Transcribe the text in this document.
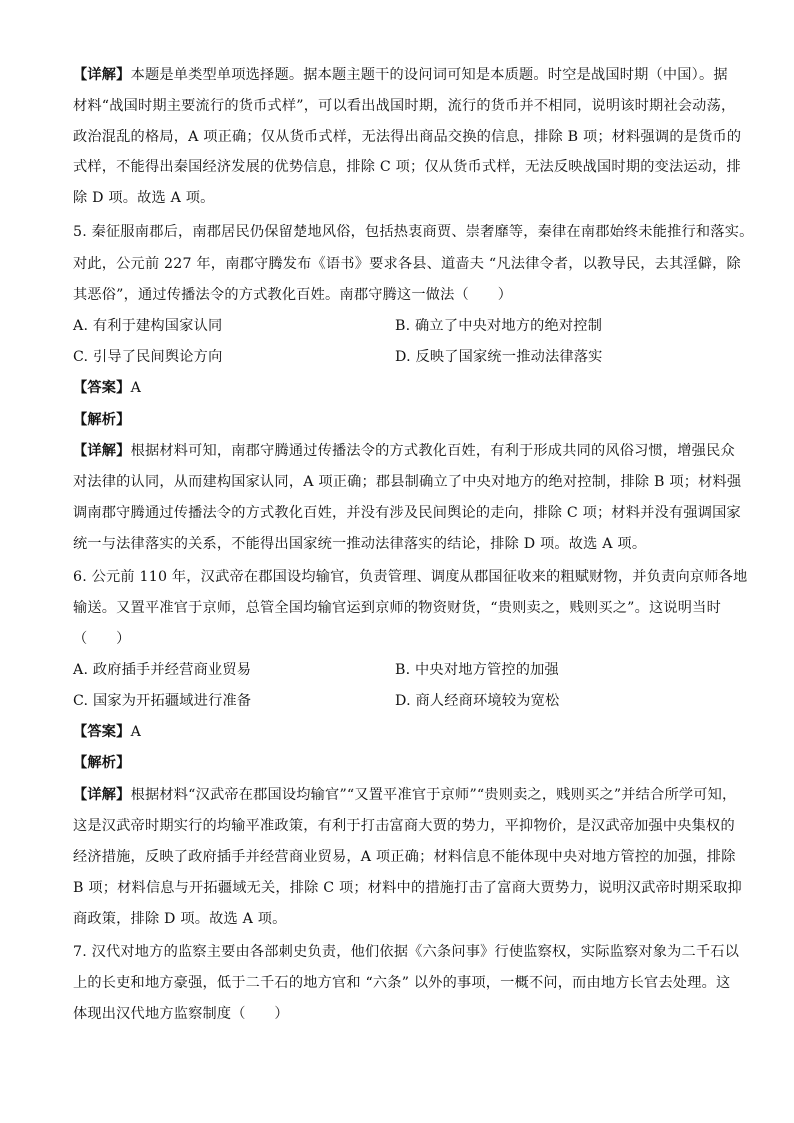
【详解】本题是单类型单项选择题。据本题主题干的设问词可知是本质题。时空是战国时期（中国）。据
材料“战国时期主要流行的货币式样”，可以看出战国时期，流行的货币并不相同，说明该时期社会动荡，
政治混乱的格局，A 项正确；仅从货币式样，无法得出商品交换的信息，排除 B 项；材料强调的是货币的
式样，不能得出秦国经济发展的优势信息，排除 C 项；仅从货币式样，无法反映战国时期的变法运动，排
除 D 项。故选 A 项。
5. 秦征服南郡后，南郡居民仍保留楚地风俗，包括热衷商贾、崇奢靡等，秦律在南郡始终未能推行和落实。
对此，公元前 227 年，南郡守腾发布《语书》要求各县、道啬夫 “凡法律令者，以教导民，去其淫僻，除
其恶俗”，通过传播法令的方式教化百姓。南郡守腾这一做法（　　）
A. 有利于建构国家认同	B. 确立了中央对地方的绝对控制
C. 引导了民间舆论方向	D. 反映了国家统一推动法律落实
【答案】A
【解析】
【详解】根据材料可知，南郡守腾通过传播法令的方式教化百姓，有利于形成共同的风俗习惯，增强民众
对法律的认同，从而建构国家认同，A 项正确；郡县制确立了中央对地方的绝对控制，排除 B 项；材料强
调南郡守腾通过传播法令的方式教化百姓，并没有涉及民间舆论的走向，排除 C 项；材料并没有强调国家
统一与法律落实的关系，不能得出国家统一推动法律落实的结论，排除 D 项。故选 A 项。
6. 公元前 110 年，汉武帝在郡国设均输官，负责管理、调度从郡国征收来的粗赋财物，并负责向京师各地
输送。又置平准官于京师，总管全国均输官运到京师的物资财货，“贵则卖之，贱则买之”。这说明当时
（　　）
A. 政府插手并经营商业贸易	B. 中央对地方管控的加强
C. 国家为开拓疆域进行准备	D. 商人经商环境较为宽松
【答案】A
【解析】
【详解】根据材料“汉武帝在郡国设均输官”“又置平准官于京师”“贵则卖之，贱则买之”并结合所学可知，
这是汉武帝时期实行的均输平准政策，有利于打击富商大贾的势力，平抑物价，是汉武帝加强中央集权的
经济措施，反映了政府插手并经营商业贸易，A 项正确；材料信息不能体现中央对地方管控的加强，排除
B 项；材料信息与开拓疆域无关，排除 C 项；材料中的措施打击了富商大贾势力，说明汉武帝时期采取抑
商政策，排除 D 项。故选 A 项。
7. 汉代对地方的监察主要由各部刺史负责，他们依据《六条问事》行使监察权，实际监察对象为二千石以
上的长吏和地方豪强，低于二千石的地方官和 “六条” 以外的事项，一概不问，而由地方长官去处理。这
体现出汉代地方监察制度（　　）
